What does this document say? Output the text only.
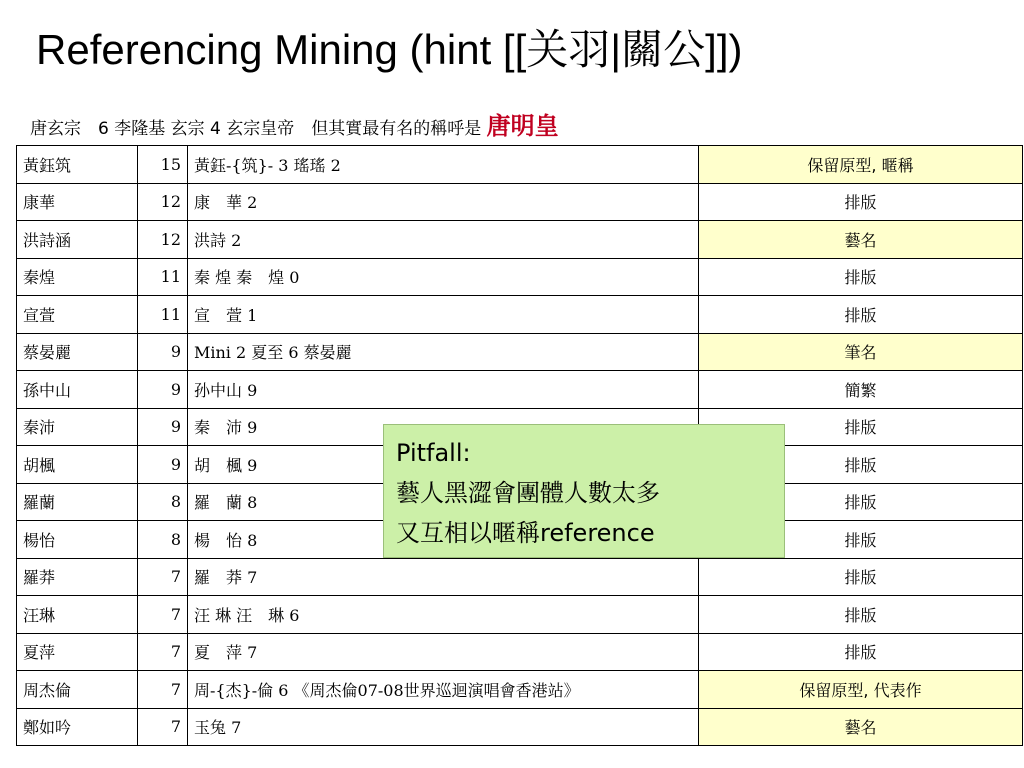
Referencing Mining (hint [[关羽|關公]])
唐玄宗　6 李隆基 玄宗 4 玄宗皇帝　但其實最有名的稱呼是 唐明皇
黃鈺筑	15	黃鈺-{筑}- 3 瑤瑤 2	保留原型, 暱稱
康華	12	康　華 2	排版
洪詩涵	12	洪詩 2	藝名
秦煌	11	秦 煌 秦　煌 0	排版
宣萱	11	宣　萱 1	排版
蔡晏麗	9	Mini 2 夏至 6 蔡晏麗	筆名
孫中山	9	孙中山 9	簡繁
秦沛	9	秦　沛 9	排版
胡楓	9	胡　楓 9	排版
羅蘭	8	羅　蘭 8	排版
楊怡	8	楊　怡 8	排版
羅莽	7	羅　莽 7	排版
汪琳	7	汪 琳 汪　琳 6	排版
夏萍	7	夏　萍 7	排版
周杰倫	7	周-{杰}-倫 6 《周杰倫07-08世界巡迴演唱會香港站》	保留原型, 代表作
鄭如吟	7	玉兔 7	藝名
Pitfall:
藝人黑澀會團體人數太多
又互相以暱稱reference
